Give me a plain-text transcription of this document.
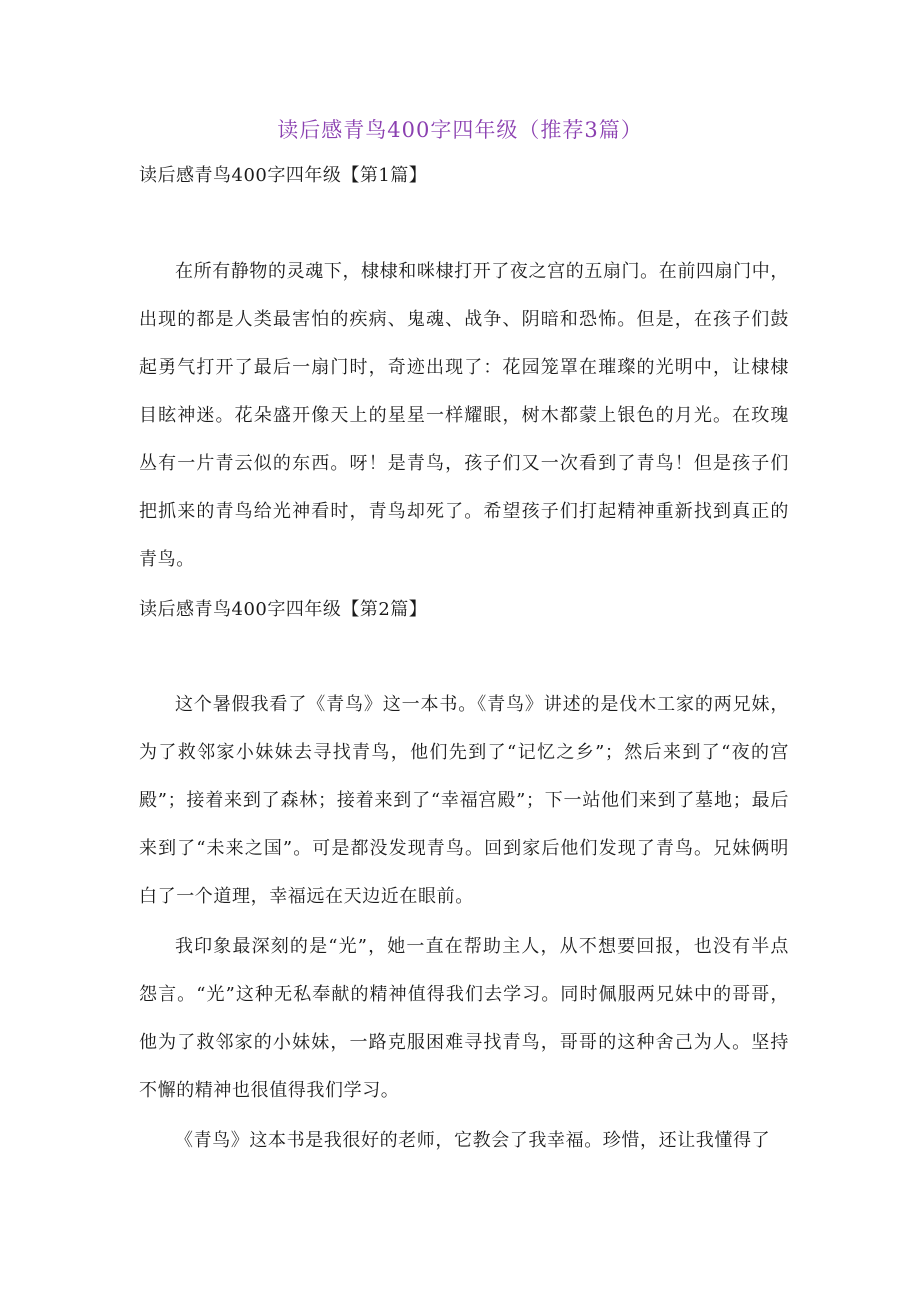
读后感青鸟400字四年级（推荐3篇）
读后感青鸟400字四年级【第1篇】

在所有静物的灵魂下，棣棣和咪棣打开了夜之宫的五扇门。在前四扇门中，出现的都是人类最害怕的疾病、鬼魂、战争、阴暗和恐怖。但是，在孩子们鼓起勇气打开了最后一扇门时，奇迹出现了：花园笼罩在璀璨的光明中，让棣棣目眩神迷。花朵盛开像天上的星星一样耀眼，树木都蒙上银色的月光。在玫瑰丛有一片青云似的东西。呀！是青鸟，孩子们又一次看到了青鸟！但是孩子们把抓来的青鸟给光神看时，青鸟却死了。希望孩子们打起精神重新找到真正的青鸟。

读后感青鸟400字四年级【第2篇】

这个暑假我看了《青鸟》这一本书。《青鸟》讲述的是伐木工家的两兄妹，为了救邻家小妹妹去寻找青鸟，他们先到了“记忆之乡”；然后来到了“夜的宫殿”；接着来到了森林；接着来到了“幸福宫殿”；下一站他们来到了墓地；最后来到了“未来之国”。可是都没发现青鸟。回到家后他们发现了青鸟。兄妹俩明白了一个道理，幸福远在天边近在眼前。

我印象最深刻的是“光”，她一直在帮助主人，从不想要回报，也没有半点怨言。“光”这种无私奉献的精神值得我们去学习。同时佩服两兄妹中的哥哥，他为了救邻家的小妹妹，一路克服困难寻找青鸟，哥哥的这种舍己为人。坚持不懈的精神也很值得我们学习。

《青鸟》这本书是我很好的老师，它教会了我幸福。珍惜，还让我懂得了
